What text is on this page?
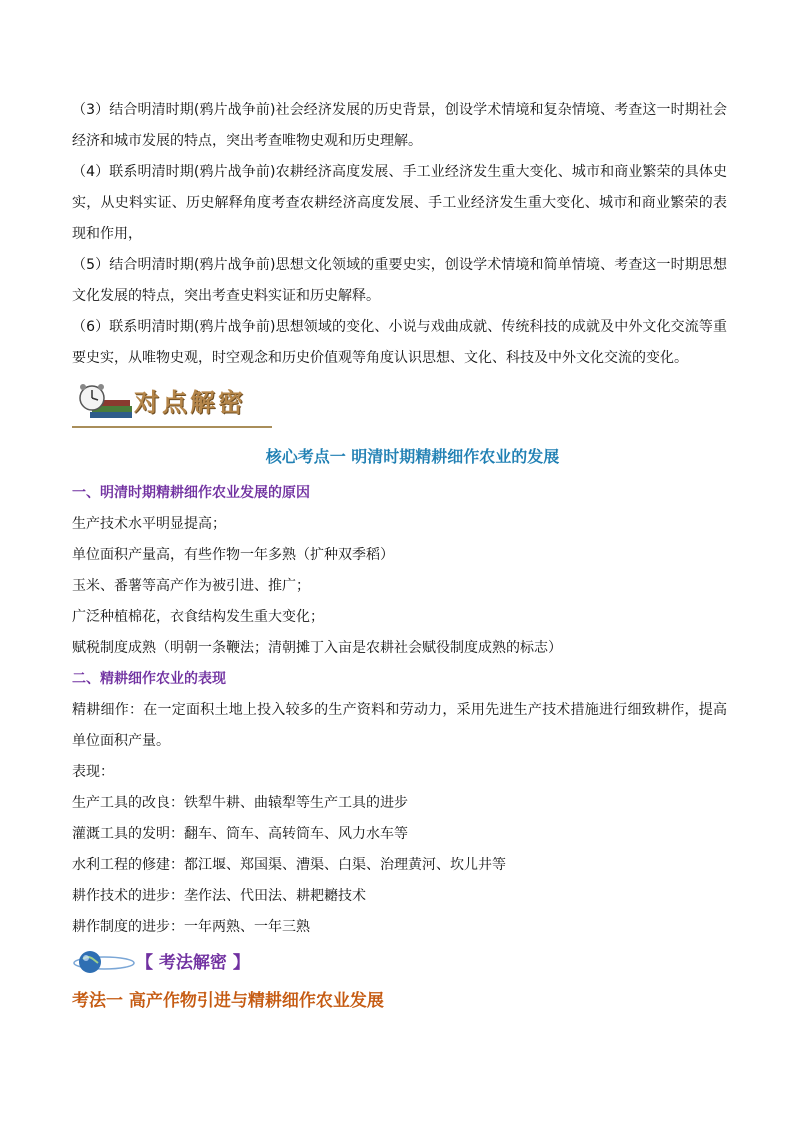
（3）结合明清时期(鸦片战争前)社会经济发展的历史背景，创设学术情境和复杂情境、考查这一时期社会经济和城市发展的特点，突出考查唯物史观和历史理解。

（4）联系明清时期(鸦片战争前)农耕经济高度发展、手工业经济发生重大变化、城市和商业繁荣的具体史实，从史料实证、历史解释角度考查农耕经济高度发展、手工业经济发生重大变化、城市和商业繁荣的表现和作用，

（5）结合明清时期(鸦片战争前)思想文化领域的重要史实，创设学术情境和简单情境、考查这一时期思想文化发展的特点，突出考查史料实证和历史解释。

（6）联系明清时期(鸦片战争前)思想领域的变化、小说与戏曲成就、传统科技的成就及中外文化交流等重要史实，从唯物史观，时空观念和历史价值观等角度认识思想、文化、科技及中外文化交流的变化。

对点解密
核心考点一 明清时期精耕细作农业的发展

一、明清时期精耕细作农业发展的原因

生产技术水平明显提高；

单位面积产量高，有些作物一年多熟（扩种双季稻）

玉米、番薯等高产作为被引进、推广；

广泛种植棉花，衣食结构发生重大变化；

赋税制度成熟（明朝一条鞭法；清朝摊丁入亩是农耕社会赋役制度成熟的标志）

二、精耕细作农业的表现

精耕细作：在一定面积土地上投入较多的生产资料和劳动力，采用先进生产技术措施进行细致耕作，提高单位面积产量。

表现：

生产工具的改良：铁犁牛耕、曲辕犁等生产工具的进步

灌溉工具的发明：翻车、筒车、高转筒车、风力水车等

水利工程的修建：都江堰、郑国渠、漕渠、白渠、治理黄河、坎儿井等

耕作技术的进步：垄作法、代田法、耕耙耱技术

耕作制度的进步：一年两熟、一年三熟

【 考法解密 】

考法一 高产作物引进与精耕细作农业发展
